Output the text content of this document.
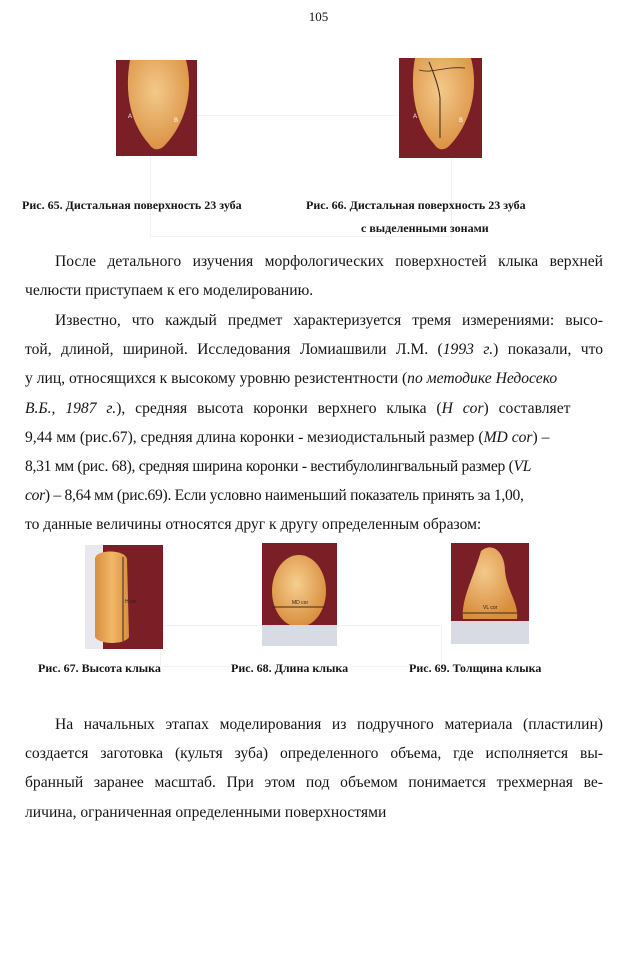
105
А
В
А
В
Рис. 65. Дистальная поверхность 23 зуба	Рис. 66. Дистальная поверхность 23 зуба
с выделенными зонами
После детального изучения морфологических поверхностей клыка верхней
челюсти приступаем к его моделированию.
Известно, что каждый предмет характеризуется тремя измерениями: высо-
той, длиной, шириной. Исследования Ломиашвили Л.М. (1993 г.) показали, что
у лиц, относящихся к высокому уровню резистентности (по методике Недосеко
В.Б., 1987 г.), средняя высота коронки верхнего клыка (Н cor) составляет
9,44 мм (рис.67), средняя длина коронки - мезиодистальный размер (MD cor) –
8,31 мм (рис. 68), средняя ширина коронки - вестибулолингвальный размер (VL
cor) – 8,64 мм (рис.69). Если условно наименьший показатель принять за 1,00,
то данные величины относятся друг к другу определенным образом:
H cor	MD cor
VL cor
Рис. 67. Высота клыка	Рис. 68. Длина клыка	Рис. 69. Толщина клыка
На начальных этапах моделирования из подручного материала (пластилин)
создается заготовка (культя зуба) определенного объема, где исполняется вы-
бранный заранее масштаб. При этом под объемом понимается трехмерная ве-
личина, ограниченная определенными поверхностями
